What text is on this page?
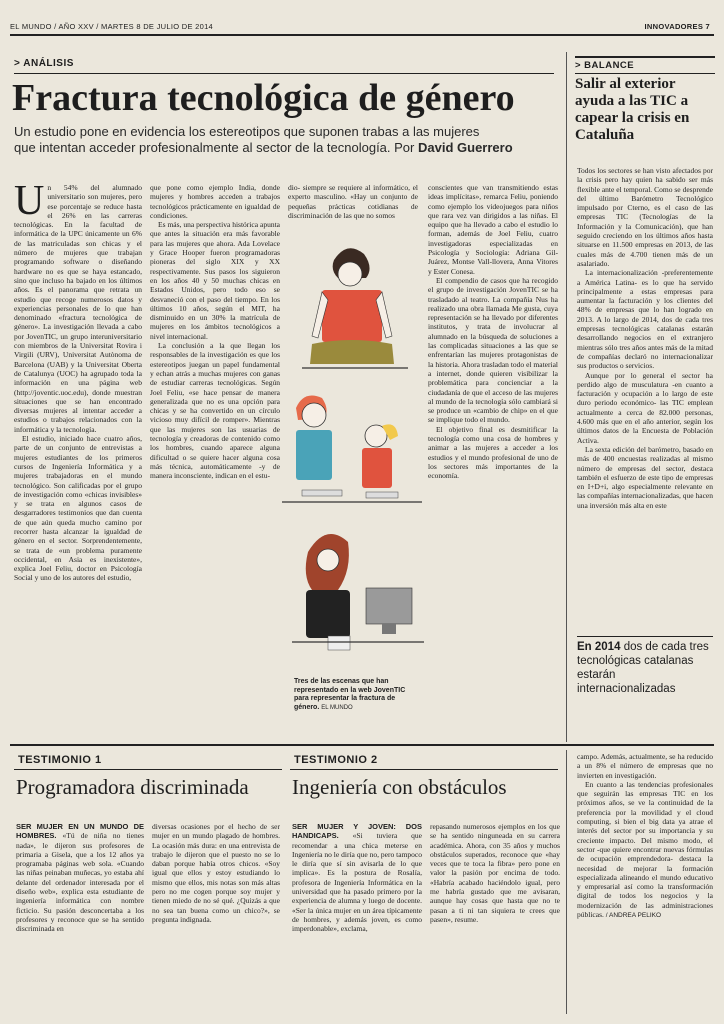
EL MUNDO / AÑO XXV / MARTES 8 DE JULIO DE 2014	INNOVADORES 7
> ANÁLISIS
Fractura tecnológica de género
Un estudio pone en evidencia los estereotipos que suponen trabas a las mujeres
que intentan acceder profesionalmente al sector de la tecnología. Por David Guerrero

Un 54% del alumnado universitario son mujeres, pero ese porcentaje se reduce hasta el 26% en las carreras tecnológicas. En la facultad de informática de la UPC únicamente un 6% de las matriculadas son chicas y el número de mujeres que trabajan programando software o diseñando hardware no es que se haya estancado, sino que incluso ha bajado en los últimos años. Es el panorama que retrata un estudio que recoge numerosos datos y experiencias personales de lo que han denominado «fractura tecnológica de género». La investigación llevada a cabo por JovenTIC, un grupo interuniversitario con miembros de la Universitat Rovira i Virgili (URV), Universitat Autònoma de Barcelona (UAB) y la Universitat Oberta de Catalunya (UOC) ha agrupado toda la información en una página web (http://joventic.uoc.edu), donde muestran situaciones que se han encontrado diversas mujeres al intentar acceder a estudios o trabajos relacionados con la informática y la tecnología.

El estudio, iniciado hace cuatro años, parte de un conjunto de entrevistas a mujeres estudiantes de los primeros cursos de Ingeniería Informática y a mujeres trabajadoras en el mundo tecnológico. Son calificadas por el grupo de investigación como «chicas invisibles» y se trata en algunos casos de desgarradores testimonios que dan cuenta de que aún queda mucho camino por recorrer hasta alcanzar la igualdad de género en el sector. Sorprendentemente, se trata de «un problema puramente occidental, en Asia es inexistente», explica Joel Feliu, doctor en Psicología Social y uno de los autores del estudio,

que pone como ejemplo India, donde mujeres y hombres acceden a trabajos tecnológicos prácticamente en igualdad de condiciones.

Es más, una perspectiva histórica apunta que antes la situación era más favorable para las mujeres que ahora. Ada Lovelace y Grace Hooper fueron programadoras pioneras del siglo XIX y XX respectivamente. Sus pasos los siguieron en los años 40 y 50 muchas chicas en Estados Unidos, pero todo eso se desvaneció con el paso del tiempo. En los últimos 10 años, según el MIT, ha disminuido en un 30% la matrícula de mujeres en los ámbitos tecnológicos a nivel internacional.

La conclusión a la que llegan los responsables de la investigación es que los estereotipos juegan un papel fundamental y echan atrás a muchas mujeres con ganas de estudiar carreras tecnológicas. Según Joel Feliu, «se hace pensar de manera generalizada que no es una opción para chicas y se ha convertido en un círculo vicioso muy difícil de romper». Mientras que las mujeres son las usuarias de tecnología y creadoras de contenido como los hombres, cuando aparece alguna dificultad o se quiere hacer alguna cosa más técnica, automáticamente -y de manera inconsciente, indican en el estu-

dio- siempre se requiere al informático, el experto masculino. «Hay un conjunto de pequeñas prácticas cotidianas de discriminación de las que no somos

conscientes que van transmitiendo estas ideas implícitas», remarca Feliu, poniendo como ejemplo los videojuegos para niños que rara vez van dirigidos a las niñas. El equipo que ha llevado a cabo el estudio lo forman, además de Joel Feliu, cuatro investigadoras especializadas en Psicología y Sociología: Adriana Gil-Juárez, Montse Vall-llovera, Anna Vitores y Ester Conesa.

El compendio de casos que ha recogido el grupo de investigación JovenTIC se ha trasladado al teatro. La compañía Nus ha realizado una obra llamada Me gusta, cuya representación se ha llevado por diferentes institutos, y trata de involucrar al alumnado en la búsqueda de soluciones a las complicadas situaciones a las que se enfrentarían las mujeres protagonistas de la historia. Ahora trasladan todo el material a internet, donde quieren visibilizar la problemática para concienciar a la ciudadanía de que el acceso de las mujeres al mundo de la tecnología sólo cambiará si se produce un «cambio de chip» en el que se implique todo el mundo.

El objetivo final es desmitificar la tecnología como una cosa de hombres y animar a las mujeres a acceder a los estudios y el mundo profesional de uno de los sectores más importantes de la economía.

Tres de las escenas que han representado en la web JovenTIC para representar la fractura de género. EL MUNDO
> BALANCE
Salir al exterior ayuda a las TIC a capear la crisis en Cataluña

Todos los sectores se han visto afectados por la crisis pero hay quien ha sabido ser más flexible ante el temporal. Como se desprende del último Barómetro Tecnológico impulsado por Cterno, es el caso de las empresas TIC (Tecnologías de la Información y la Comunicación), que han seguido creciendo en los últimos años hasta situarse en 11.500 empresas en 2013, de las cuales más de 4.700 tienen más de un asalariado.

La internacionalización -preferentemente a América Latina- es lo que ha servido principalmente a estas empresas para aumentar la facturación y los clientes del 48% de empresas que lo han logrado en 2013. A lo largo de 2014, dos de cada tres empresas tecnológicas catalanas estarán desarrollando negocios en el extranjero mientras sólo tres años antes más de la mitad de compañías declaró no internacionalizar sus productos o servicios.

Aunque por lo general el sector ha perdido algo de musculatura -en cuanto a facturación y ocupación a lo largo de este duro periodo económico- las TIC emplean actualmente a cerca de 82.000 personas, 4.600 más que en el año anterior, según los últimos datos de la Encuesta de Población Activa.

La sexta edición del barómetro, basado en más de 400 encuestas realizadas al mismo número de empresas del sector, destaca también el esfuerzo de este tipo de empresas en I+D+i, algo especialmente relevante en las compañías internacionalizadas, que hacen una inversión más alta en este

En 2014 dos de cada tres tecnológicas catalanas estarán internacionalizadas
TESTIMONIO 1
Programadora discriminada

SER MUJER EN UN MUNDO DE HOMBRES. «Tú de niña no tienes nada», le dijeron sus profesores de primaria a Gisela, que a los 12 años ya programaba páginas web sola. «Cuando las niñas peinaban muñecas, yo estaba ahí delante del ordenador interesada por el diseño web», explica esta estudiante de ingeniería informática con nombre ficticio. Su pasión desconcertaba a los profesores y reconoce que se ha sentido discriminada en

diversas ocasiones por el hecho de ser mujer en un mundo plagado de hombres. La ocasión más dura: en una entrevista de trabajo le dijeron que el puesto no se lo daban porque había otros chicos. «Soy igual que ellos y estoy estudiando lo mismo que ellos, mis notas son más altas pero no me cogen porque soy mujer y tienen miedo de no sé qué. ¿Quizás a que no sea tan buena como un chico?», se pregunta indignada.

TESTIMONIO 2
Ingeniería con obstáculos

SER MUJER Y JOVEN: DOS HANDICAPS. «Si tuviera que recomendar a una chica meterse en Ingeniería no le diría que no, pero tampoco le diría que sí sin avisarla de lo que implica». Es la postura de Rosalía, profesora de Ingeniería Informática en la universidad que ha pasado primero por la experiencia de alumna y luego de docente. «Ser la única mujer en un área típicamente de hombres, y además joven, es como imperdonable», exclama,

repasando numerosos ejemplos en los que se ha sentido ninguneada en su carrera académica. Ahora, con 35 años y muchos obstáculos superados, reconoce que «hay veces que te toca la fibra» pero pone en valor la pasión por encima de todo. «Habría acabado haciéndolo igual, pero me habría gustado que me avisaran, aunque hay cosas que hasta que no te pasan a ti ni tan siquiera te crees que pasen», resume.

campo. Además, actualmente, se ha reducido a un 8% el número de empresas que no invierten en investigación.

En cuanto a las tendencias profesionales que seguirán las empresas TIC en los próximos años, se ve la continuidad de la preferencia por la movilidad y el cloud computing, si bien el big data ya atrae el interés del sector por su importancia y su creciente impacto. Del mismo modo, el sector -que quiere encontrar nuevas fórmulas de ocupación emprendedora- destaca la necesidad de mejorar la formación especializada alineando el mundo educativo y empresarial así como la transformación digital de todos los negocios y la modernización de las administraciones públicas. / ANDREA PELIKO
